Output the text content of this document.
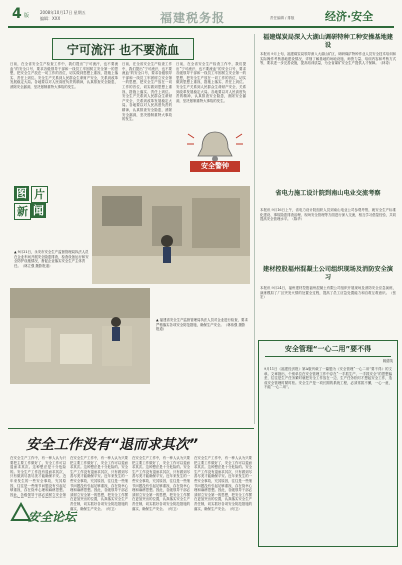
4 版
2008年10月17日 星期五
编辑：XXX	福建税务报	经济·安全
责任编辑 / 排版
宁可流汗 也不要流血
日前，在全省安全生产检查工作中，我们提出“宁可流汗，也不要流血”的安全口号，要求各级领导干部和一线员工牢固树立安全第一的思想，把安全生产放在一切工作的首位，切实做到思想上重视、措施上落实、责任上到位。安全生产关系到人民群众生命财产安全，关系到改革发展稳定大局。各地要以对人民高度负责的精神，认真排查安全隐患，消除安全漏洞，坚决遏制重特大事故的发生。
日前，在全省安全生产检查工作中，我们提出“宁可流汗，也不要流血”的安全口号，要求各级领导干部和一线员工牢固树立安全第一的思想，把安全生产放在一切工作的首位，切实做到思想上重视、措施上落实、责任上到位。安全生产关系到人民群众生命财产安全，关系到改革发展稳定大局。各地要以对人民高度负责的精神，认真排查安全隐患，消除安全漏洞，坚决遏制重特大事故的发生。
日前，在全省安全生产检查工作中，我们提出“宁可流汗，也不要流血”的安全口号，要求各级领导干部和一线员工牢固树立安全第一的思想，把安全生产放在一切工作的首位，切实做到思想上重视、措施上落实、责任上到位。安全生产关系到人民群众生命财产安全，关系到改革发展稳定大局。各地要以对人民高度负责的精神，认真排查安全隐患，消除安全漏洞，坚决遏制重特大事故的发生。
安全警钟
图 片
新 闻
▲ 9月21日，永安市安全生产监督管理局执法人员在企业车间开展安全隐患排查，检查设备运行和安全防护设施情况，督促企业落实安全生产主体责任。（林立强 摄影报道）
▲ 福建省安全生产监督管理局执法人员对企业进行检查，要求严格落实各项安全防范措施，确保生产安全。（林伟强 摄影报道）
福建煤炭局深入大湖山调研特种工种安操基地建设
本报讯 9月上旬，福建煤炭局领导深入大湖山矿区，调研煤矿特种作业人员安全技术培训和实际操作考核基地建设情况，详细了解基地的场地设施、师资力量、培训内容和考核方式等，要求进一步完善设施，提高培训质量，为全省煤矿安全生产提供人才保障。（林奇）
省电力施工设计院到南山电业交流考察
本报讯 9月16日上午，省电力设计院组织人员到南山电业公司参观考察，就安全生产标准化建设、事故隐患排查治理、现场安全管理等方面进行深入交流，相互学习借鉴经验，共同提高安全管理水平。（陈华）
建材控股福州混凝土公司组织现场及消防安全演习
本报讯 9月24日，福州建材控股福州混凝土有限公司组织开展现场及消防安全应急演练，演练模拟了厂区突发火情的处置全过程，提高了员工应急处置能力和自救互救意识。（张宏）
安全管理“一心二用”要不得
姚德英
9月11日《福建经济报》第A版刊载了一篇题为《安全管理“一心二用”要不得》的文章。文章指出，个别单位在安全管理工作中存在“一手抓生产、一手抓安全”的思想偏差，往往是生产任务紧时就把安全工作放在一边，生产任务松时才想起安全工作，造成安全管理时紧时松。安全生产是一项长期的系统工程，必须常抓不懈，一心一意，不能“一心二用”。
安全工作没有“退而求其次”
在安全生产工作中，有一种人认为只要把主要工作做好了，安全工作可以退而求其次。这种想法是十分危险的。安全生产工作没有退而求其次，只有做到尽善尽美才能确保平安。近年来发生的一些安全事故，究其原因，往往是一些细节问题没有引起足够重视，存在侥幸心理和麻痹思想。因此，各级领导干部必须树立安全第
安全论坛
在安全生产工作中，有一种人认为只要把主要工作做好了，安全工作可以退而求其次。这种想法是十分危险的。安全生产工作没有退而求其次，只有做到尽善尽美才能确保平安。近年来发生的一些安全事故，究其原因，往往是一些细节问题没有引起足够重视，存在侥幸心理和麻痹思想。因此，各级领导干部必须树立安全第一的思想，把安全工作摆在更加突出的位置，认真落实安全生产责任制，切实抓好各项安全防范措施的落实，确保生产安全。（何卫）
在安全生产工作中，有一种人认为只要把主要工作做好了，安全工作可以退而求其次。这种想法是十分危险的。安全生产工作没有退而求其次，只有做到尽善尽美才能确保平安。近年来发生的一些安全事故，究其原因，往往是一些细节问题没有引起足够重视，存在侥幸心理和麻痹思想。因此，各级领导干部必须树立安全第一的思想，把安全工作摆在更加突出的位置，认真落实安全生产责任制，切实抓好各项安全防范措施的落实，确保生产安全。（何卫）
在安全生产工作中，有一种人认为只要把主要工作做好了，安全工作可以退而求其次。这种想法是十分危险的。安全生产工作没有退而求其次，只有做到尽善尽美才能确保平安。近年来发生的一些安全事故，究其原因，往往是一些细节问题没有引起足够重视，存在侥幸心理和麻痹思想。因此，各级领导干部必须树立安全第一的思想，把安全工作摆在更加突出的位置，认真落实安全生产责任制，切实抓好各项安全防范措施的落实，确保生产安全。（何卫）
